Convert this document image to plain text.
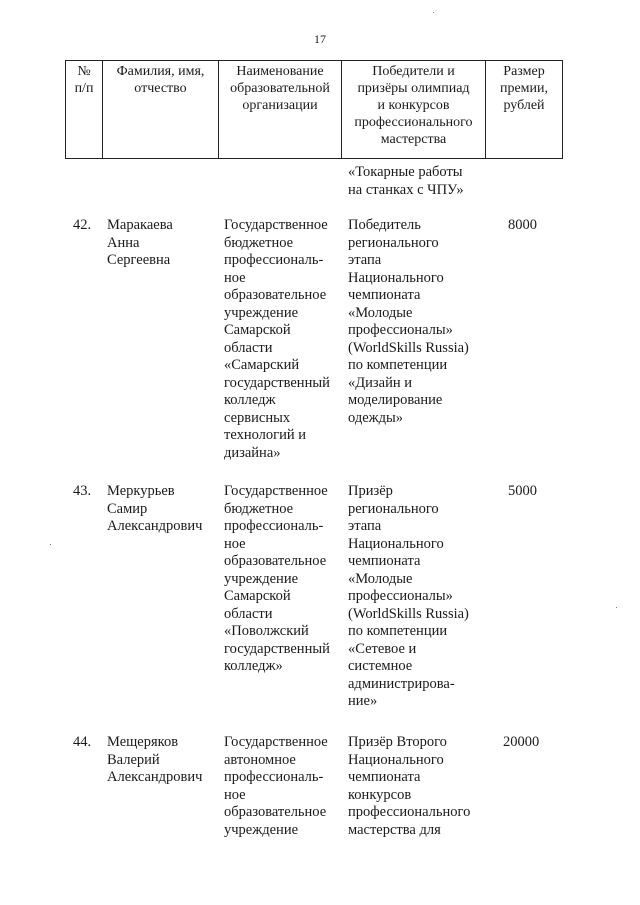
17
№
п/п
Фамилия, имя,
отчество
Наименование
образовательной
организации
Победители и
призёры олимпиад
и конкурсов
профессионального
мастерства
Размер
премии,
рублей
«Токарные работы
на станках с ЧПУ»
42. Маракаева
Анна
Сергеевна
Государственное
бюджетное
профессиональ-
ное
образовательное
учреждение
Самарской
области
«Самарский
государственный
колледж
сервисных
технологий и
дизайна»
Победитель
регионального
этапа
Национального
чемпионата
«Молодые
профессионалы»
(WorldSkills Russia)
по компетенции
«Дизайн и
моделирование
одежды»
8000
43. Меркурьев
Самир
Александрович
Государственное
бюджетное
профессиональ-
ное
образовательное
учреждение
Самарской
области
«Поволжский
государственный
колледж»
Призёр
регионального
этапа
Национального
чемпионата
«Молодые
профессионалы»
(WorldSkills Russia)
по компетенции
«Сетевое и
системное
администрирова-
ние»
5000
44. Мещеряков
Валерий
Александрович
Государственное
автономное
профессиональ-
ное
образовательное
учреждение
Призёр Второго
Национального
чемпионата
конкурсов
профессионального
мастерства для
20000
